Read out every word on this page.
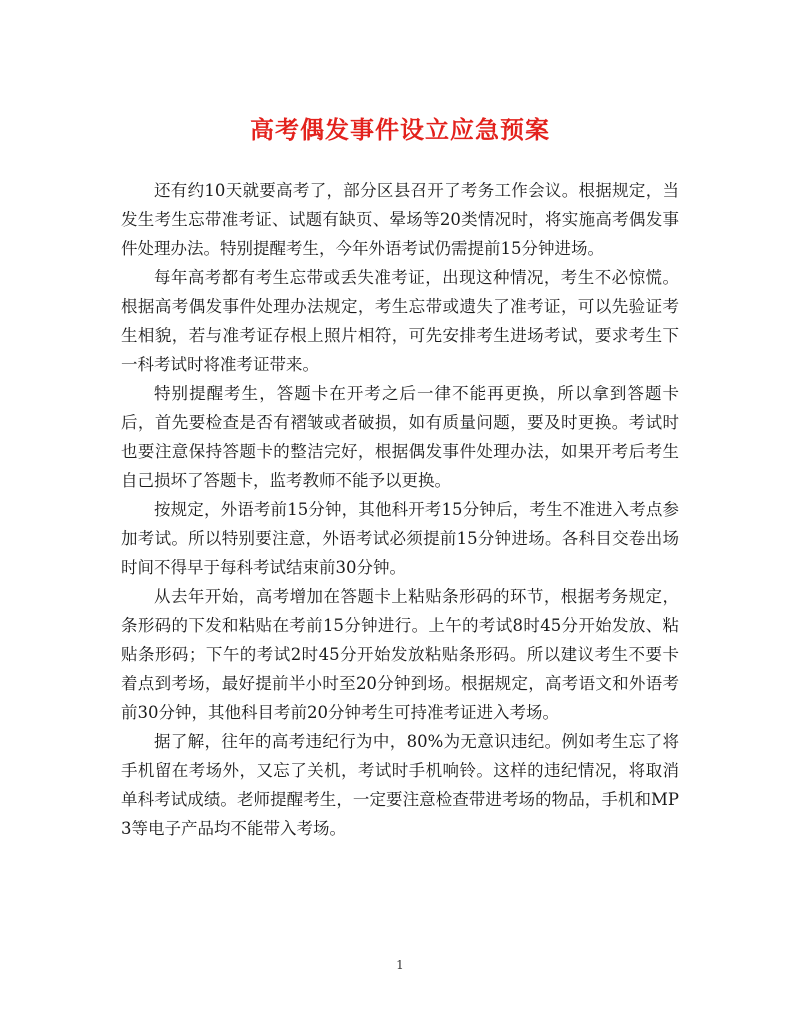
高考偶发事件设立应急预案

还有约10天就要高考了，部分区县召开了考务工作会议。根据规定，当发生考生忘带准考证、试题有缺页、晕场等20类情况时，将实施高考偶发事件处理办法。特别提醒考生，今年外语考试仍需提前15分钟进场。

每年高考都有考生忘带或丢失准考证，出现这种情况，考生不必惊慌。根据高考偶发事件处理办法规定，考生忘带或遗失了准考证，可以先验证考生相貌，若与准考证存根上照片相符，可先安排考生进场考试，要求考生下一科考试时将准考证带来。

特别提醒考生，答题卡在开考之后一律不能再更换，所以拿到答题卡后，首先要检查是否有褶皱或者破损，如有质量问题，要及时更换。考试时也要注意保持答题卡的整洁完好，根据偶发事件处理办法，如果开考后考生自己损坏了答题卡，监考教师不能予以更换。

按规定，外语考前15分钟，其他科开考15分钟后，考生不准进入考点参加考试。所以特别要注意，外语考试必须提前15分钟进场。各科目交卷出场时间不得早于每科考试结束前30分钟。

从去年开始，高考增加在答题卡上粘贴条形码的环节，根据考务规定，条形码的下发和粘贴在考前15分钟进行。上午的考试8时45分开始发放、粘贴条形码；下午的考试2时45分开始发放粘贴条形码。所以建议考生不要卡着点到考场，最好提前半小时至20分钟到场。根据规定，高考语文和外语考前30分钟，其他科目考前20分钟考生可持准考证进入考场。

据了解，往年的高考违纪行为中，80%为无意识违纪。例如考生忘了将手机留在考场外，又忘了关机，考试时手机响铃。这样的违纪情况，将取消单科考试成绩。老师提醒考生，一定要注意检查带进考场的物品，手机和MP3等电子产品均不能带入考场。

1
